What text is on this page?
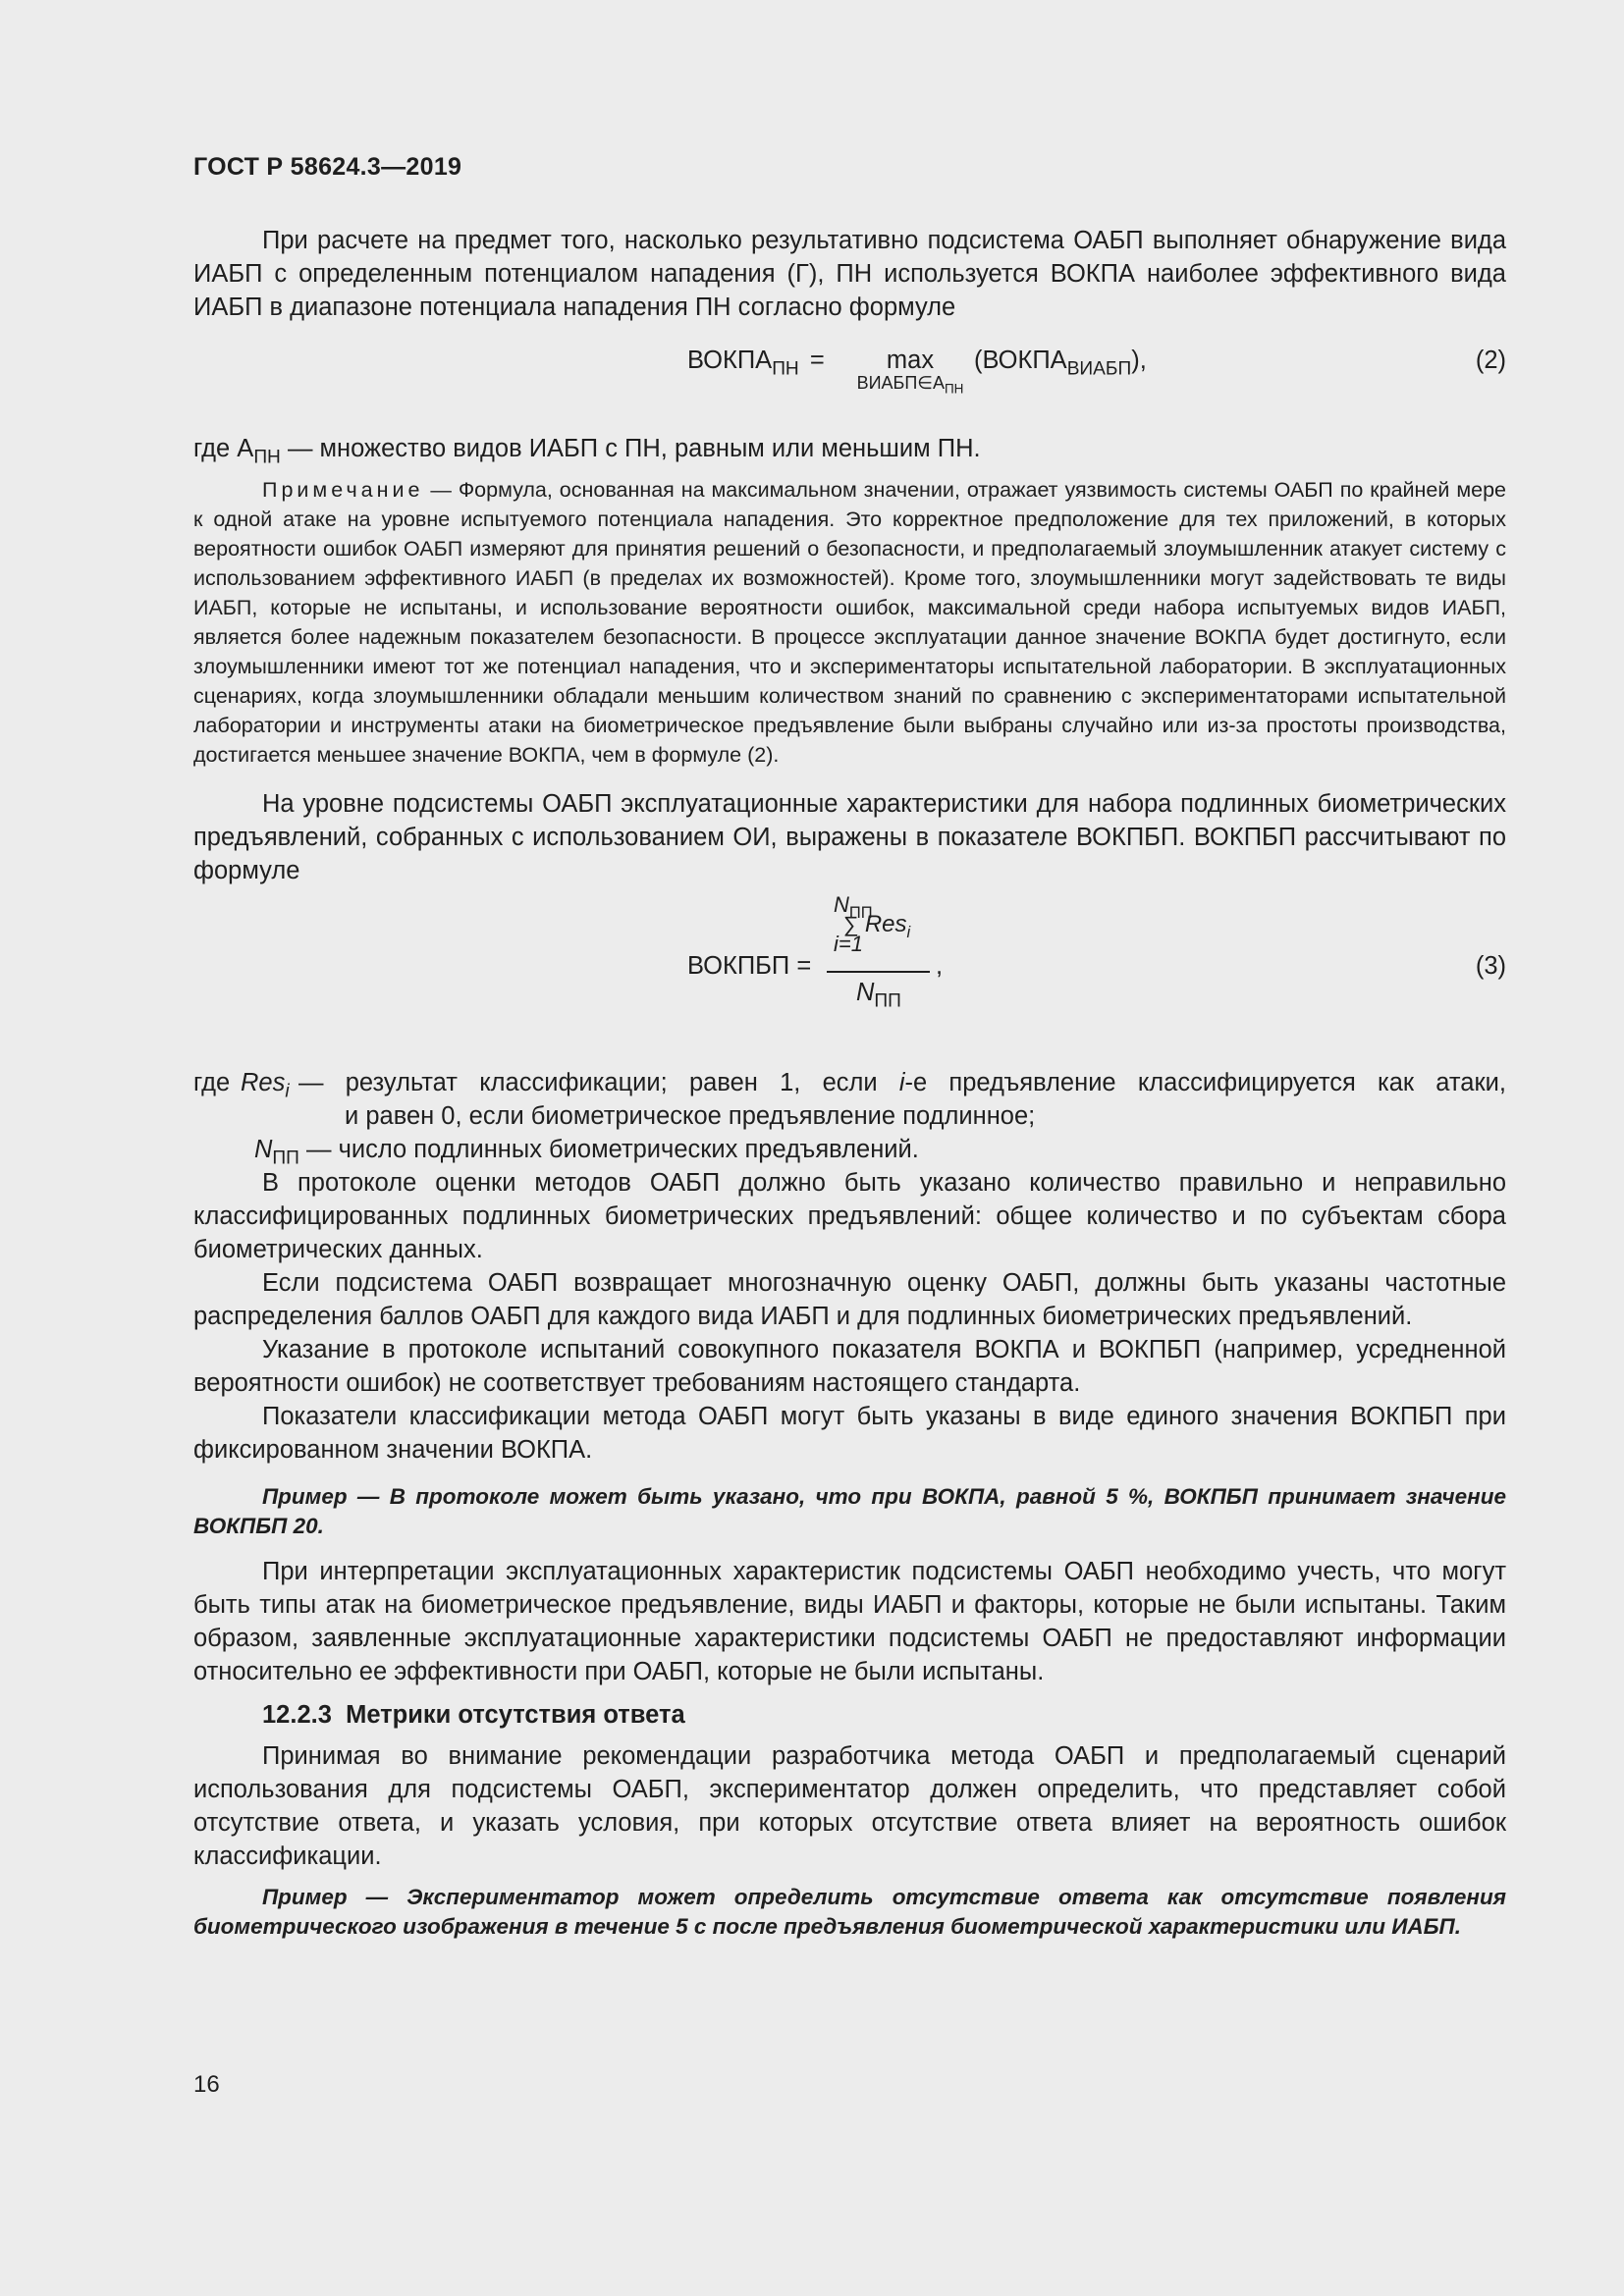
ГОСТ Р 58624.3—2019

При расчете на предмет того, насколько результативно подсистема ОАБП выполняет обнаружение вида ИАБП с определенным потенциалом нападения (Г), ПН используется ВОКПА наиболее эффективного вида ИАБП в диапазоне потенциала нападения ПН согласно формуле

$ВОКПА_{ПН}$ =	max
$ВИАБП\in А_{ПН}$
$(ВОКПА_{ВИАБП})$,	(2)

где $А_{ПН}$ — множество видов ИАБП с ПН, равным или меньшим ПН.

Примечание — Формула, основанная на максимальном значении, отражает уязвимость системы ОАБП по крайней мере к одной атаке на уровне испытуемого потенциала нападения. Это корректное предположение для тех приложений, в которых вероятности ошибок ОАБП измеряют для принятия решений о безопасности, и предполагаемый злоумышленник атакует систему с использованием эффективного ИАБП (в пределах их возможностей). Кроме того, злоумышленники могут задействовать те виды ИАБП, которые не испытаны, и использование вероятности ошибок, максимальной среди набора испытуемых видов ИАБП, является более надежным показателем безопасности. В процессе эксплуатации данное значение ВОКПА будет достигнуто, если злоумышленники имеют тот же потенциал нападения, что и экспериментаторы испытательной лаборатории. В эксплуатационных сценариях, когда злоумышленники обладали меньшим количеством знаний по сравнению с экспериментаторами испытательной лаборатории и инструменты атаки на биометрическое предъявление были выбраны случайно или из-за простоты производства, достигается меньшее значение ВОКПА, чем в формуле (2).

На уровне подсистемы ОАБП эксплуатационные характеристики для набора подлинных биометрических предъявлений, собранных с использованием ОИ, выражены в показателе ВОКПБП. ВОКПБП рассчитывают по формуле

ВОКПБП =
$N_{ПП}$
∑ Res$_i$
i=1
$N_{ПП}$
,	(3)
где Res$_i$ — результат классификации; равен 1, если i-е предъявление классифицируется как атаки,
и равен 0, если биометрическое предъявление подлинное;
$N_{ПП}$ — число подлинных биометрических предъявлений.

В протоколе оценки методов ОАБП должно быть указано количество правильно и неправильно классифицированных подлинных биометрических предъявлений: общее количество и по субъектам сбора биометрических данных.

Если подсистема ОАБП возвращает многозначную оценку ОАБП, должны быть указаны частотные распределения баллов ОАБП для каждого вида ИАБП и для подлинных биометрических предъявлений.

Указание в протоколе испытаний совокупного показателя ВОКПА и ВОКПБП (например, усредненной вероятности ошибок) не соответствует требованиям настоящего стандарта.

Показатели классификации метода ОАБП могут быть указаны в виде единого значения ВОКПБП при фиксированном значении ВОКПА.

Пример — В протоколе может быть указано, что при ВОКПА, равной 5 %, ВОКПБП принимает значение ВОКПБП 20.

При интерпретации эксплуатационных характеристик подсистемы ОАБП необходимо учесть, что могут быть типы атак на биометрическое предъявление, виды ИАБП и факторы, которые не были испытаны. Таким образом, заявленные эксплуатационные характеристики подсистемы ОАБП не предоставляют информации относительно ее эффективности при ОАБП, которые не были испытаны.

12.2.3 Метрики отсутствия ответа

Принимая во внимание рекомендации разработчика метода ОАБП и предполагаемый сценарий использования для подсистемы ОАБП, экспериментатор должен определить, что представляет собой отсутствие ответа, и указать условия, при которых отсутствие ответа влияет на вероятность ошибок классификации.

Пример — Экспериментатор может определить отсутствие ответа как отсутствие появления биометрического изображения в течение 5 с после предъявления биометрической характеристики или ИАБП.

16
